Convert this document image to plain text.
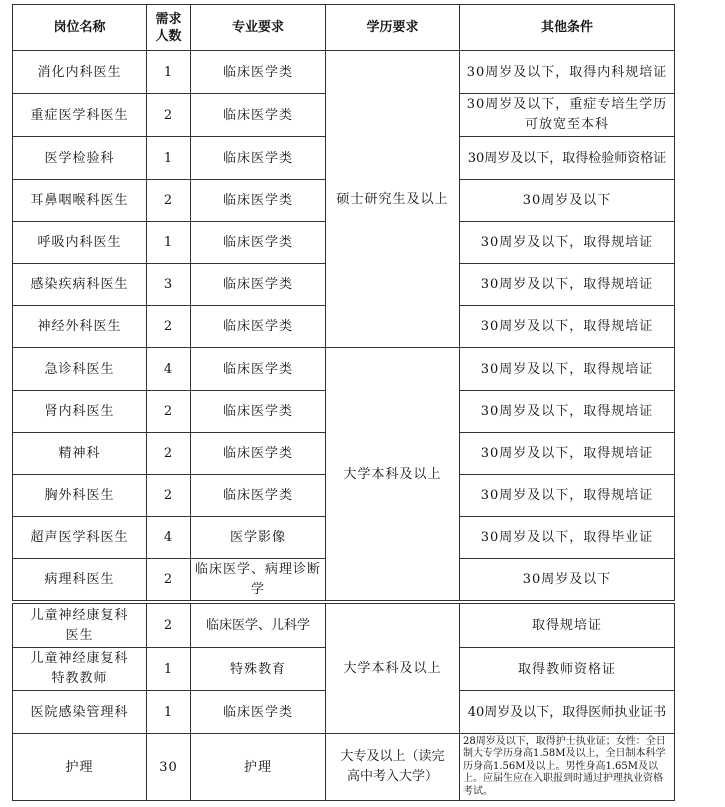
岗位名称	需求人数	专业要求	学历要求	其他条件
消化内科医生	1	临床医学类	硕士研究生及以上	30周岁及以下，取得内科规培证
重症医学科医生	2	临床医学类		30周岁及以下，重症专培生学历可放宽至本科
医学检验科	1	临床医学类		30周岁及以下，取得检验师资格证
耳鼻咽喉科医生	2	临床医学类		30周岁及以下
呼吸内科医生	1	临床医学类		30周岁及以下，取得规培证
感染疾病科医生	3	临床医学类		30周岁及以下，取得规培证
神经外科医生	2	临床医学类		30周岁及以下，取得规培证
急诊科医生	4	临床医学类	大学本科及以上	30周岁及以下，取得规培证
肾内科医生	2	临床医学类		30周岁及以下，取得规培证
精神科	2	临床医学类		30周岁及以下，取得规培证
胸外科医生	2	临床医学类		30周岁及以下，取得规培证
超声医学科医生	4	医学影像		30周岁及以下，取得毕业证
病理科医生	2	临床医学、病理诊断学		30周岁及以下
儿童神经康复科医生	2	临床医学、儿科学	大学本科及以上	取得规培证
儿童神经康复科特教教师	1	特殊教育		取得教师资格证
医院感染管理科	1	临床医学类		40周岁及以下，取得医师执业证书
护理	30	护理	大专及以上（读完高中考入大学）	28周岁及以下，取得护士执业证；女性：全日制大专学历身高1.58M及以上，全日制本科学历身高1.56M及以上。男性身高1.65M及以上。应届生应在入职报到时通过护理执业资格考试。
